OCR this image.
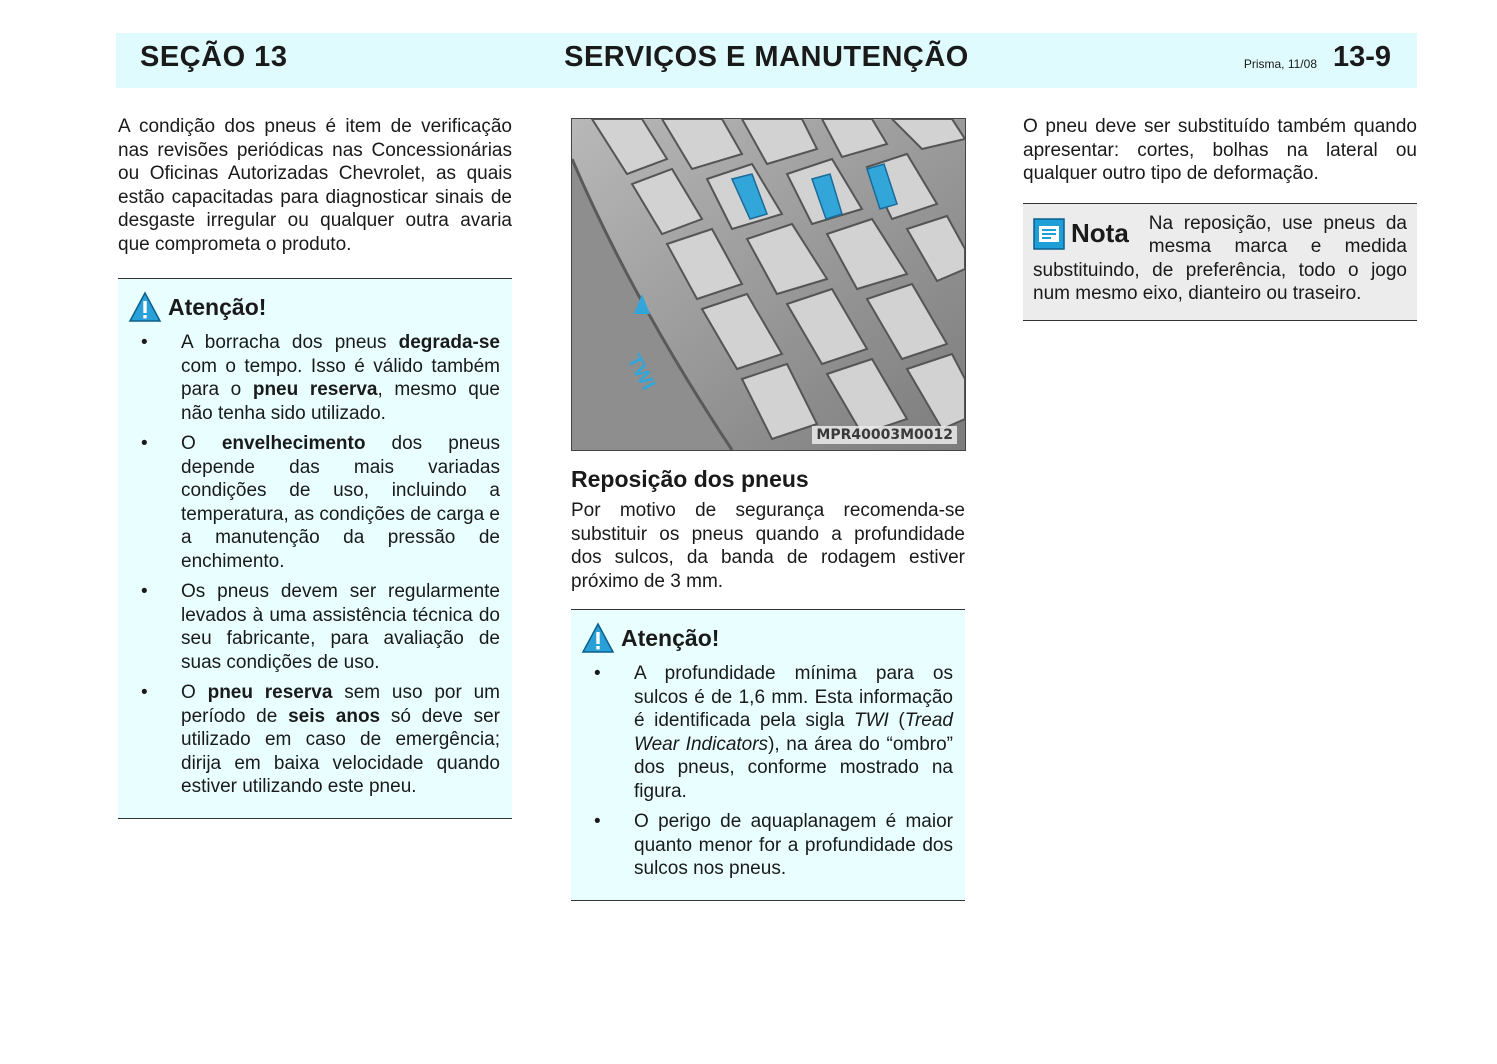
SEÇÃO 13	SERVIÇOS E MANUTENÇÃO	Prisma, 11/08 13-9

A condição dos pneus é item de verificação nas revisões periódicas nas Concessionárias ou Oficinas Autorizadas Chevrolet, as quais estão capacitadas para diagnosticar sinais de desgaste irregular ou qualquer outra avaria que comprometa o produto.

Atenção!
• A borracha dos pneus degrada-se com o tempo. Isso é válido também para o pneu reserva, mesmo que não tenha sido utilizado.
• O envelhecimento dos pneus depende das mais variadas condições de uso, incluindo a temperatura, as condições de carga e a manutenção da pressão de enchimento.
• Os pneus devem ser regularmente levados à uma assistência técnica do seu fabricante, para avaliação de suas condições de uso.
• O pneu reserva sem uso por um período de seis anos só deve ser utilizado em caso de emergência; dirija em baixa velocidade quando estiver utilizando este pneu.
TWI
MPR40003M0012
Reposição dos pneus

Por motivo de segurança recomenda-se substituir os pneus quando a profundidade dos sulcos, da banda de rodagem estiver próximo de 3 mm.

Atenção!
• A profundidade mínima para os sulcos é de 1,6 mm. Esta informação é identificada pela sigla TWI (Tread Wear Indicators), na área do “ombro” dos pneus, conforme mostrado na figura.
• O perigo de aquaplanagem é maior quanto menor for a profundidade dos sulcos nos pneus.

O pneu deve ser substituído também quando apresentar: cortes, bolhas na lateral ou qualquer outro tipo de deformação.

Nota	Na reposição, use pneus da mesma marca e medida substituindo, de preferência, todo o jogo num mesmo eixo, dianteiro ou traseiro.
